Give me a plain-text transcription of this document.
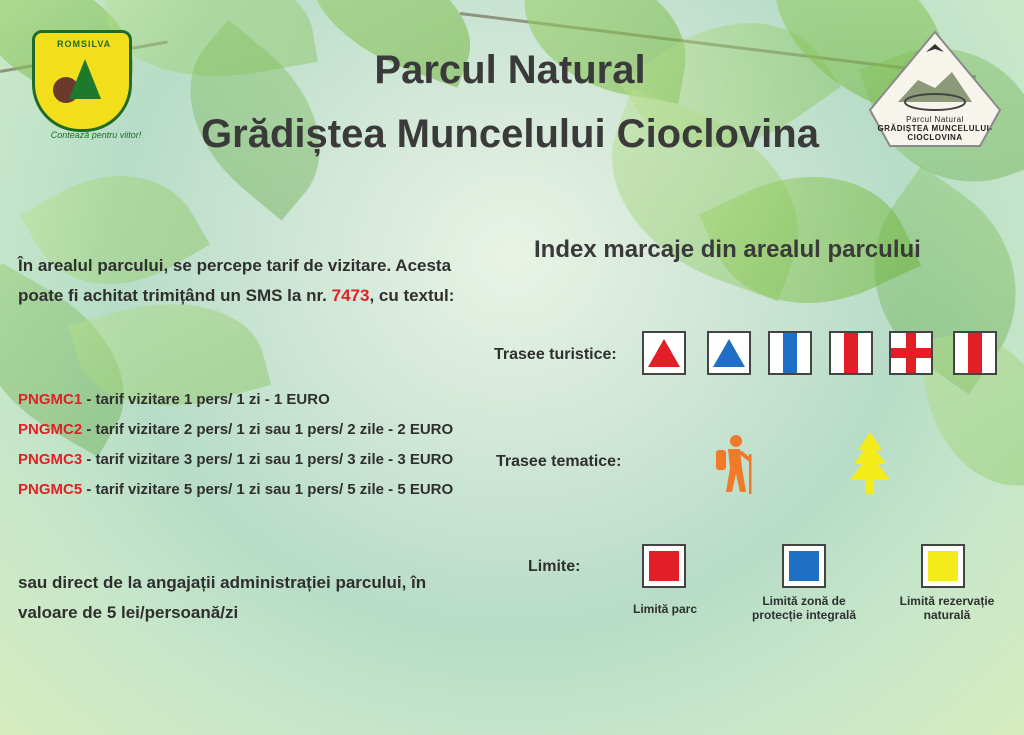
ROMSILVA
Contează pentru viitor!
Parcul Natural
GRĂDIȘTEA MUNCELULUI-
CIOCLOVINA
Parcul Natural
Grădiștea Muncelului Cioclovina
În arealul parcului, se percepe tarif de vizitare. Acesta poate fi achitat trimițând un SMS la nr. 7473, cu textul:
PNGMC1 - tarif vizitare 1 pers/ 1 zi - 1 EURO
PNGMC2 - tarif vizitare 2 pers/ 1 zi sau 1 pers/ 2 zile - 2 EURO
PNGMC3 - tarif vizitare 3 pers/ 1 zi sau 1 pers/ 3 zile - 3 EURO
PNGMC5 - tarif vizitare 5 pers/ 1 zi sau 1 pers/ 5 zile - 5 EURO
sau direct de la angajații administrației parcului, în valoare de 5 lei/persoană/zi
Index marcaje din arealul parcului
Trasee turistice:
Trasee tematice:
Limite:
Limită parc
Limită zonă de protecție integrală
Limită rezervație naturală
